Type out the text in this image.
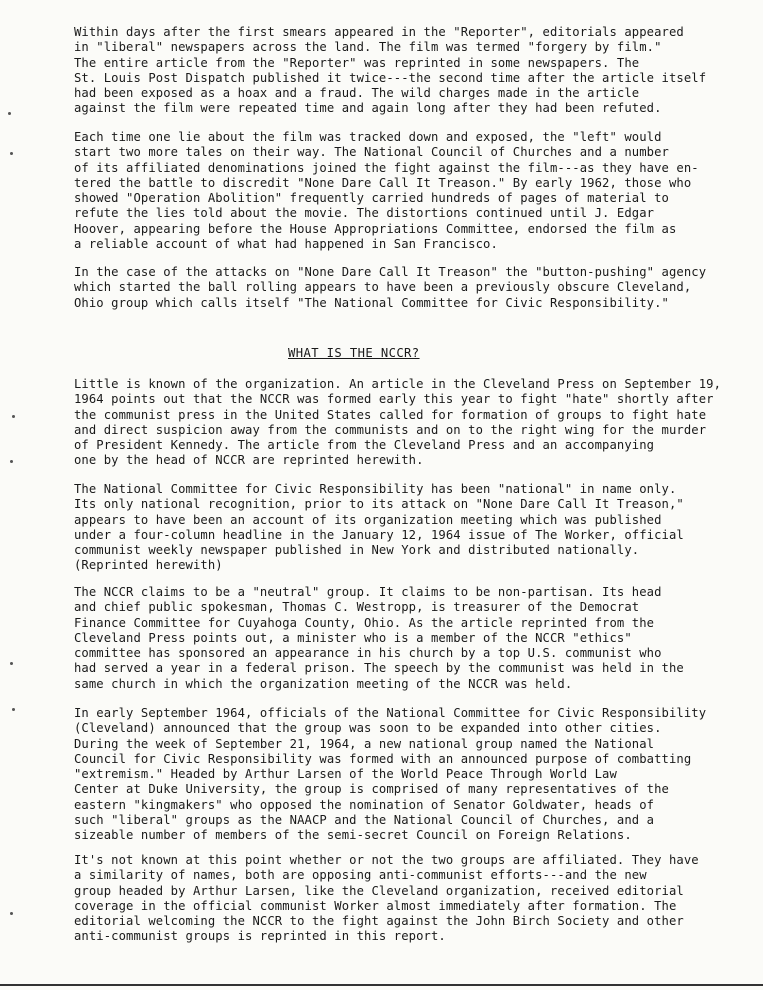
Within days after the first smears appeared in the "Reporter", editorials appeared
in "liberal" newspapers across the land. The film was termed "forgery by film."
The entire article from the "Reporter" was reprinted in some newspapers. The
St. Louis Post Dispatch published it twice---the second time after the article itself
had been exposed as a hoax and a fraud. The wild charges made in the article
against the film were repeated time and again long after they had been refuted.
Each time one lie about the film was tracked down and exposed, the "left" would
start two more tales on their way. The National Council of Churches and a number
of its affiliated denominations joined the fight against the film---as they have en-
tered the battle to discredit "None Dare Call It Treason." By early 1962, those who
showed "Operation Abolition" frequently carried hundreds of pages of material to
refute the lies told about the movie. The distortions continued until J. Edgar
Hoover, appearing before the House Appropriations Committee, endorsed the film as
a reliable account of what had happened in San Francisco.
In the case of the attacks on "None Dare Call It Treason" the "button-pushing" agency
which started the ball rolling appears to have been a previously obscure Cleveland,
Ohio group which calls itself "The National Committee for Civic Responsibility."
WHAT IS THE NCCR?
Little is known of the organization. An article in the Cleveland Press on September 19,
1964 points out that the NCCR was formed early this year to fight "hate" shortly after
the communist press in the United States called for formation of groups to fight hate
and direct suspicion away from the communists and on to the right wing for the murder
of President Kennedy. The article from the Cleveland Press and an accompanying
one by the head of NCCR are reprinted herewith.
The National Committee for Civic Responsibility has been "national" in name only.
Its only national recognition, prior to its attack on "None Dare Call It Treason,"
appears to have been an account of its organization meeting which was published
under a four-column headline in the January 12, 1964 issue of The Worker, official
communist weekly newspaper published in New York and distributed nationally.
(Reprinted herewith)
The NCCR claims to be a "neutral" group. It claims to be non-partisan. Its head
and chief public spokesman, Thomas C. Westropp, is treasurer of the Democrat
Finance Committee for Cuyahoga County, Ohio. As the article reprinted from the
Cleveland Press points out, a minister who is a member of the NCCR "ethics"
committee has sponsored an appearance in his church by a top U.S. communist who
had served a year in a federal prison. The speech by the communist was held in the
same church in which the organization meeting of the NCCR was held.
In early September 1964, officials of the National Committee for Civic Responsibility
(Cleveland) announced that the group was soon to be expanded into other cities.
During the week of September 21, 1964, a new national group named the National
Council for Civic Responsibility was formed with an announced purpose of combatting
"extremism." Headed by Arthur Larsen of the World Peace Through World Law
Center at Duke University, the group is comprised of many representatives of the
eastern "kingmakers" who opposed the nomination of Senator Goldwater, heads of
such "liberal" groups as the NAACP and the National Council of Churches, and a
sizeable number of members of the semi-secret Council on Foreign Relations.
It's not known at this point whether or not the two groups are affiliated. They have
a similarity of names, both are opposing anti-communist efforts---and the new
group headed by Arthur Larsen, like the Cleveland organization, received editorial
coverage in the official communist Worker almost immediately after formation. The
editorial welcoming the NCCR to the fight against the John Birch Society and other
anti-communist groups is reprinted in this report.
